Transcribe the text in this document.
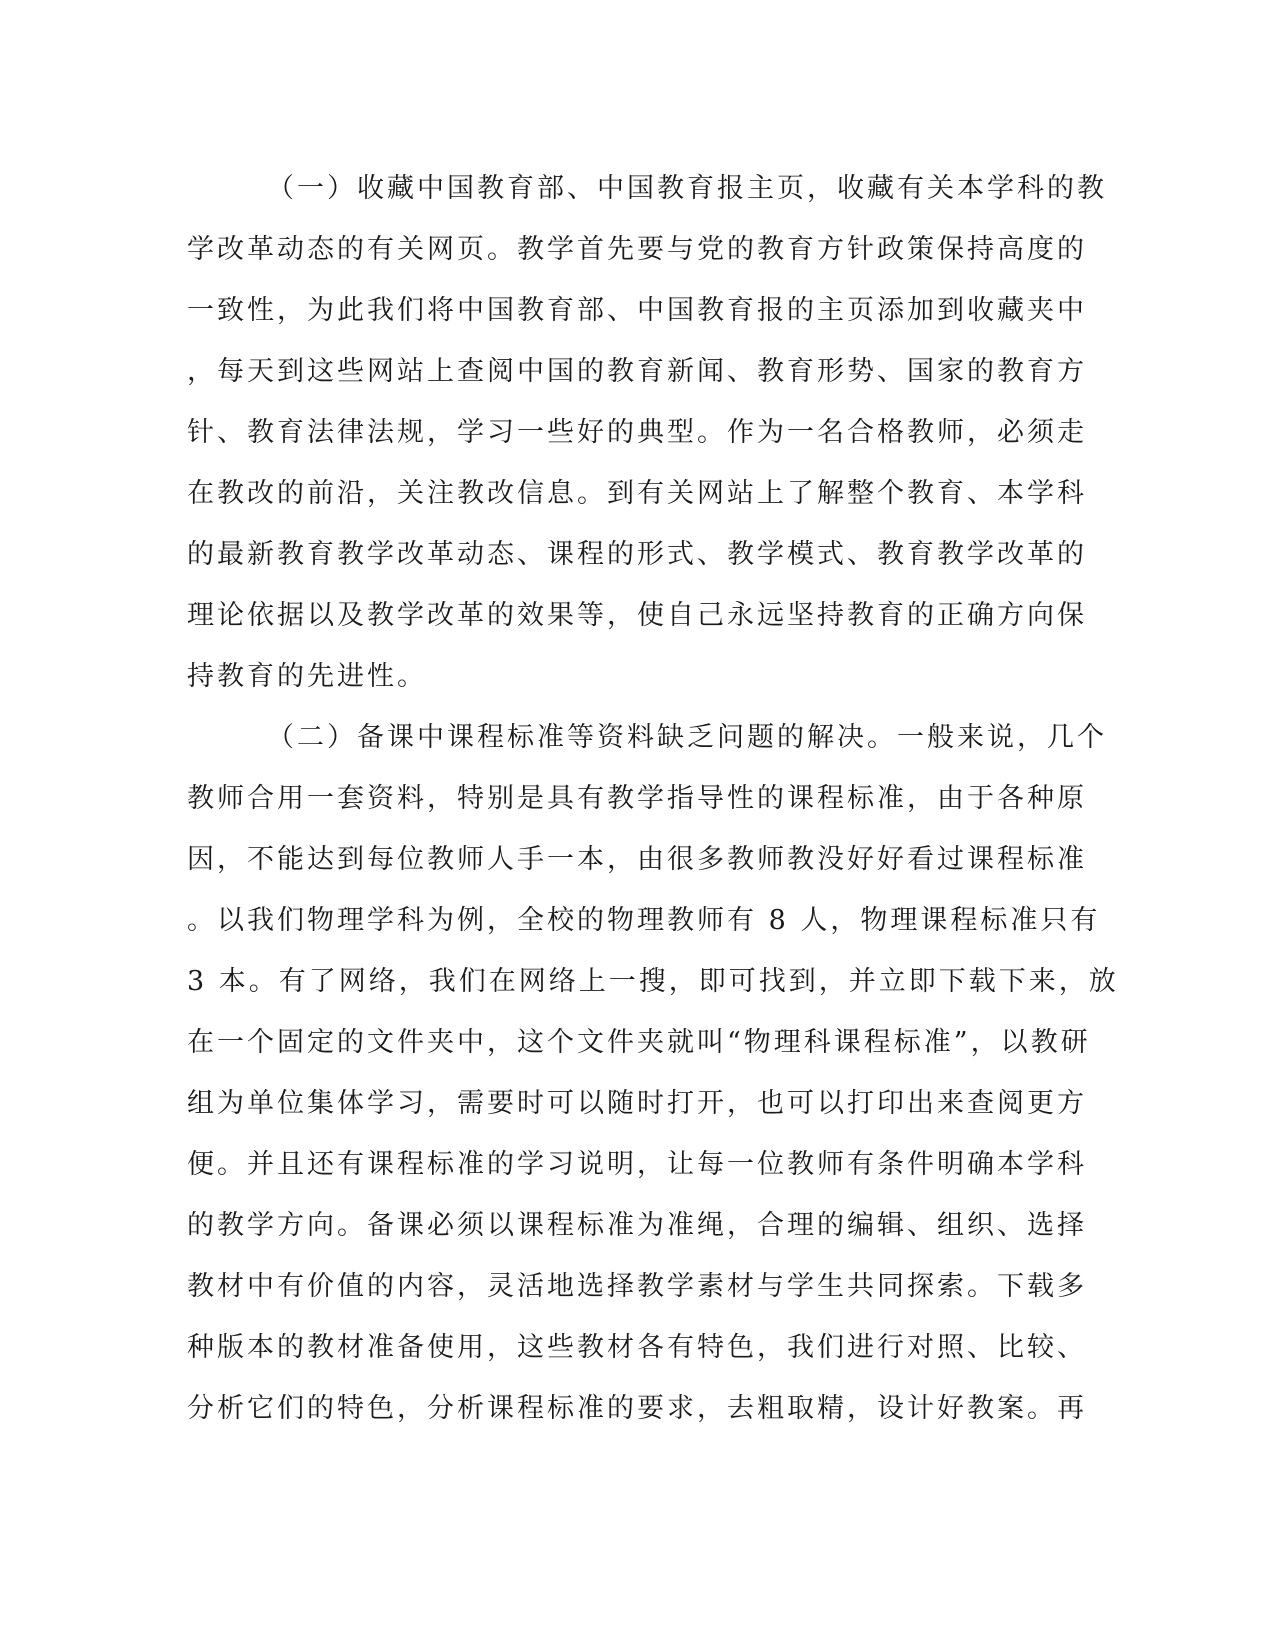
（一）收藏中国教育部、中国教育报主页，收藏有关本学科的教
学改革动态的有关网页。教学首先要与党的教育方针政策保持高度的
一致性，为此我们将中国教育部、中国教育报的主页添加到收藏夹中
，每天到这些网站上查阅中国的教育新闻、教育形势、国家的教育方
针、教育法律法规，学习一些好的典型。作为一名合格教师，必须走
在教改的前沿，关注教改信息。到有关网站上了解整个教育、本学科
的最新教育教学改革动态、课程的形式、教学模式、教育教学改革的
理论依据以及教学改革的效果等，使自己永远坚持教育的正确方向保
持教育的先进性。
（二）备课中课程标准等资料缺乏问题的解决。一般来说，几个
教师合用一套资料，特别是具有教学指导性的课程标准，由于各种原
因，不能达到每位教师人手一本，由很多教师教没好好看过课程标准
。以我们物理学科为例，全校的物理教师有 8 人，物理课程标准只有
3 本。有了网络，我们在网络上一搜，即可找到，并立即下载下来，放
在一个固定的文件夹中，这个文件夹就叫“物理科课程标准”，以教研
组为单位集体学习，需要时可以随时打开，也可以打印出来查阅更方
便。并且还有课程标准的学习说明，让每一位教师有条件明确本学科
的教学方向。备课必须以课程标准为准绳，合理的编辑、组织、选择
教材中有价值的内容，灵活地选择教学素材与学生共同探索。下载多
种版本的教材准备使用，这些教材各有特色，我们进行对照、比较、
分析它们的特色，分析课程标准的要求，去粗取精，设计好教案。再
